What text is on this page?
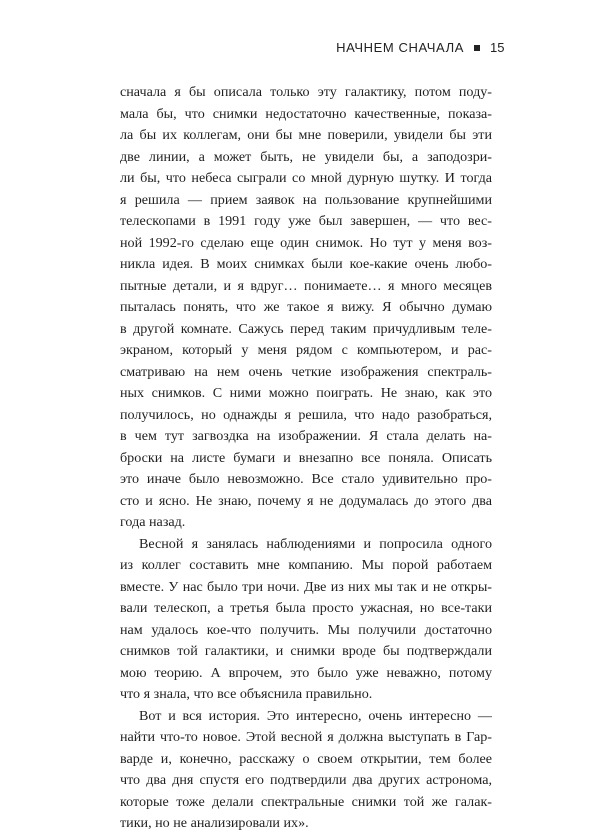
НАЧНЕМ СНАЧАЛА 15
сначала я бы описала только эту галактику, потом поду-
мала бы, что снимки недостаточно качественные, показа-
ла бы их коллегам, они бы мне поверили, увидели бы эти
две линии, а может быть, не увидели бы, а заподозри-
ли бы, что небеса сыграли со мной дурную шутку. И тогда
я решила — прием заявок на пользование крупнейшими
телескопами в 1991 году уже был завершен, — что вес-
ной 1992-го сделаю еще один снимок. Но тут у меня воз-
никла идея. В моих снимках были кое-какие очень любо-
пытные детали, и я вдруг… понимаете… я много месяцев
пыталась понять, что же такое я вижу. Я обычно думаю
в другой комнате. Сажусь перед таким причудливым теле-
экраном, который у меня рядом с компьютером, и рас-
сматриваю на нем очень четкие изображения спектраль-
ных снимков. С ними можно поиграть. Не знаю, как это
получилось, но однажды я решила, что надо разобраться,
в чем тут загвоздка на изображении. Я стала делать на-
броски на листе бумаги и внезапно все поняла. Описать
это иначе было невозможно. Все стало удивительно про-
сто и ясно. Не знаю, почему я не додумалась до этого два
года назад.
Весной я занялась наблюдениями и попросила одного
из коллег составить мне компанию. Мы порой работаем
вместе. У нас было три ночи. Две из них мы так и не откры-
вали телескоп, а третья была просто ужасная, но все-таки
нам удалось кое-что получить. Мы получили достаточно
снимков той галактики, и снимки вроде бы подтверждали
мою теорию. А впрочем, это было уже неважно, потому
что я знала, что все объяснила правильно.
Вот и вся история. Это интересно, очень интересно —
найти что-то новое. Этой весной я должна выступать в Гар-
варде и, конечно, расскажу о своем открытии, тем более
что два дня спустя его подтвердили два других астронома,
которые тоже делали спектральные снимки той же галак-
тики, но не анализировали их».
